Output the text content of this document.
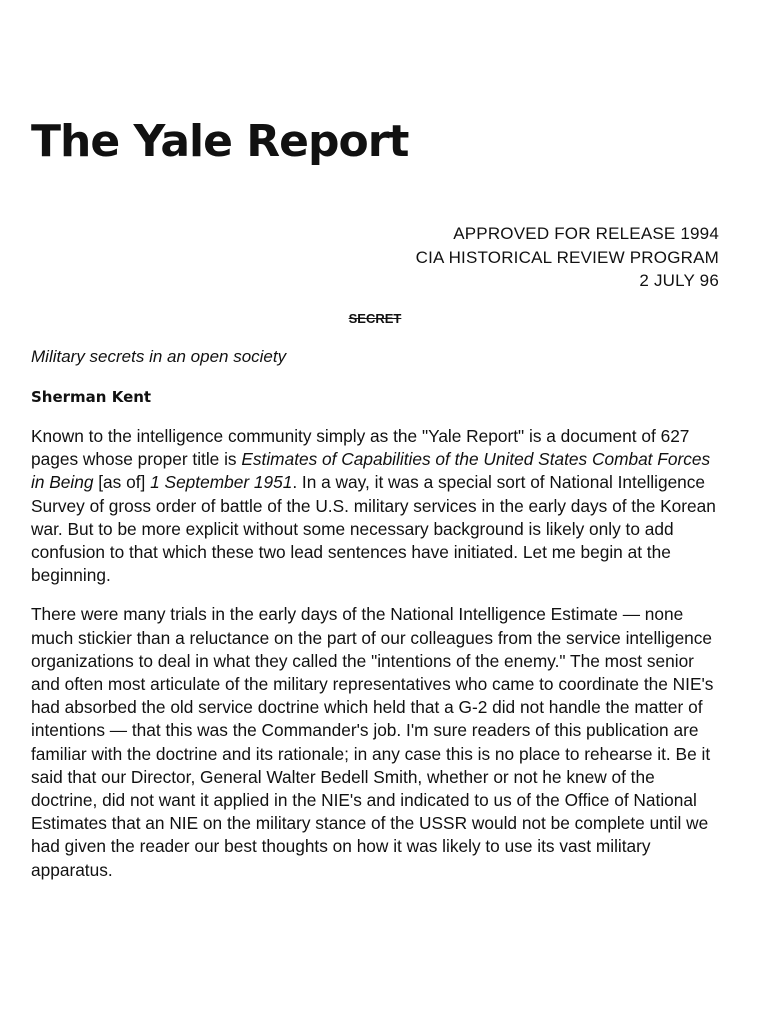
The Yale Report
APPROVED FOR RELEASE 1994
CIA HISTORICAL REVIEW PROGRAM
2 JULY 96
SECRET
Military secrets in an open society
Sherman Kent

Known to the intelligence community simply as the "Yale Report" is a document of 627 pages whose proper title is Estimates of Capabilities of the United States Combat Forces in Being [as of] 1 September 1951. In a way, it was a special sort of National Intelligence Survey of gross order of battle of the U.S. military services in the early days of the Korean war. But to be more explicit without some necessary background is likely only to add confusion to that which these two lead sentences have initiated. Let me begin at the beginning.

There were many trials in the early days of the National Intelligence Estimate — none much stickier than a reluctance on the part of our colleagues from the service intelligence organizations to deal in what they called the "intentions of the enemy." The most senior and often most articulate of the military representatives who came to coordinate the NIE's had absorbed the old service doctrine which held that a G-2 did not handle the matter of intentions — that this was the Commander's job. I'm sure readers of this publication are familiar with the doctrine and its rationale; in any case this is no place to rehearse it. Be it said that our Director, General Walter Bedell Smith, whether or not he knew of the doctrine, did not want it applied in the NIE's and indicated to us of the Office of National Estimates that an NIE on the military stance of the USSR would not be complete until we had given the reader our best thoughts on how it was likely to use its vast military apparatus.
